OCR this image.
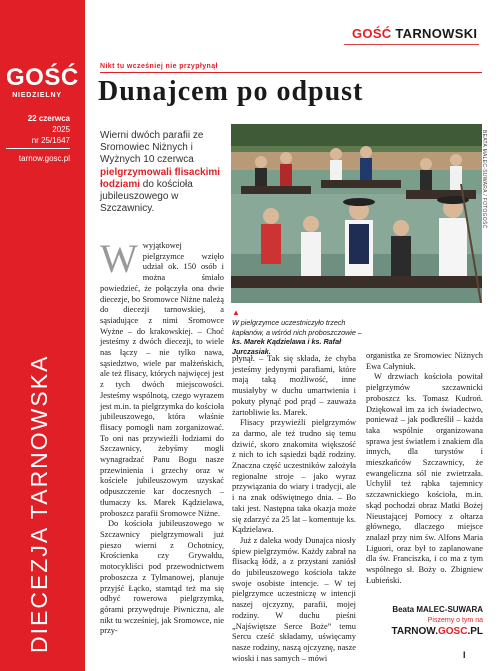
GOŚĆ
NIEDZIELNY
22 czerwca
2025
nr 25/1647
tarnow.gosc.pl
DIECEZJA TARNOWSKA
GOŚĆ TARNOWSKI
Nikt tu wcześniej nie przypłynął
Dunajcem po odpust
Wierni dwóch parafii ze Sromowiec Niżnych i Wyżnych 10 czerwca pielgrzymowali flisackimi łodziami do kościoła jubileuszowego w Szczawnicy.	BEATA MALEC-SUWARA / FOTOGOŚĆ
▲
W pielgrzymce uczestniczyło trzech kapłanów, a wśród nich proboszczowie – ks. Marek Kądzielawa i ks. Rafał Jurczasiak.

Wwyjątkowej pielgrzymce wzięło udział ok. 150 osób i można śmiało powiedzieć, że połączyła ona dwie diecezje, bo Sromowce Niżne należą do diecezji tarnowskiej, a sąsiadujące z nimi Sromowce Wyżne – do krakowskiej. – Choć jesteśmy z dwóch diecezji, to wiele nas łączy – nie tylko nawa, sąsiedztwo, wiele par małżeńskich, ale też flisacy, których najwięcej jest z tych dwóch miejscowości. Jesteśmy wspólnotą, czego wyrazem jest m.in. ta pielgrzymka do kościoła jubileuszowego, która właśnie flisacy pomogli nam zorganizować. To oni nas przywieźli łodziami do Szczawnicy, żebyśmy mogli wynagradzać Panu Bogu nasze przewinienia i grzechy oraz w kościele jubileuszowym uzyskać odpuszczenie kar doczesnych – tłumaczy ks. Marek Kądzielawa, proboszcz parafii Sromowce Niżne.

Do kościoła jubileuszowego w Szczawnicy pielgrzymowali już pieszo wierni z Ochotnicy, Krościenka czy Grywałdu, motocykliści pod przewodnictwem proboszcza z Tylmanowej, planuje przyjść Łącko, stamtąd też ma się odbyć rowerowa pielgrzymka, górami przywędruje Piwniczna, ale nikt tu wcześniej, jak Sromowce, nie przy-

płynął. – Tak się składa, że chyba jesteśmy jedynymi parafiami, które mają taką możliwość, inne musiałyby w duchu umartwienia i pokuty płynąć pod prąd – zauważa żartobliwie ks. Marek.

Flisacy przywieźli pielgrzymów za darmo, ale też trudno się temu dziwić, skoro znakomita większość z nich to ich sąsiedzi bądź rodziny. Znaczna część uczestników założyła regionalne stroje – jako wyraz przywiązania do wiary i tradycji, ale i na znak odświętnego dnia. – Bo taki jest. Następna taka okazja może się zdarzyć za 25 lat – komentuje ks. Kądzielawa.

Już z daleka wody Dunajca niosły śpiew pielgrzymów. Każdy zabrał na flisacką łódź, a z przystani zaniósł do jubileuszowego kościoła także swoje osobiste intencje. – W tej pielgrzymce uczestniczę w intencji naszej ojczyzny, parafii, mojej rodziny. W duchu pieśni „Najświętsze Serce Boże” temu Sercu cześć składamy, uświęcamy nasze rodziny, naszą ojczyznę, nasze wioski i nas samych – mówi

organistka ze Sromowiec Niżnych Ewa Całyniuk.

W drzwiach kościoła powitał pielgrzymów szczawnicki proboszcz ks. Tomasz Kudroń. Dziękował im za ich świadectwo, ponieważ – jak podkreślił – każda taka wspólnie organizowana sprawa jest światłem i znakiem dla innych, dla turystów i mieszkańców Szczawnicy, że ewangeliczna sól nie zwietrzała. Uchylił też rąbka tajemnicy szczawnickiego kościoła, m.in. skąd pochodzi obraz Matki Bożej Nieustającej Pomocy z ołtarza głównego, dlaczego miejsce znalazł przy nim św. Alfons Maria Liguori, oraz był to zaplanowane dla św. Franciszka, i co ma z tym wspólnego sł. Boży o. Zbigniew Łubieński.

Beata MALEC-SUWARA
Piszemy o tym na
TARNOW.GOSC.PL
I
